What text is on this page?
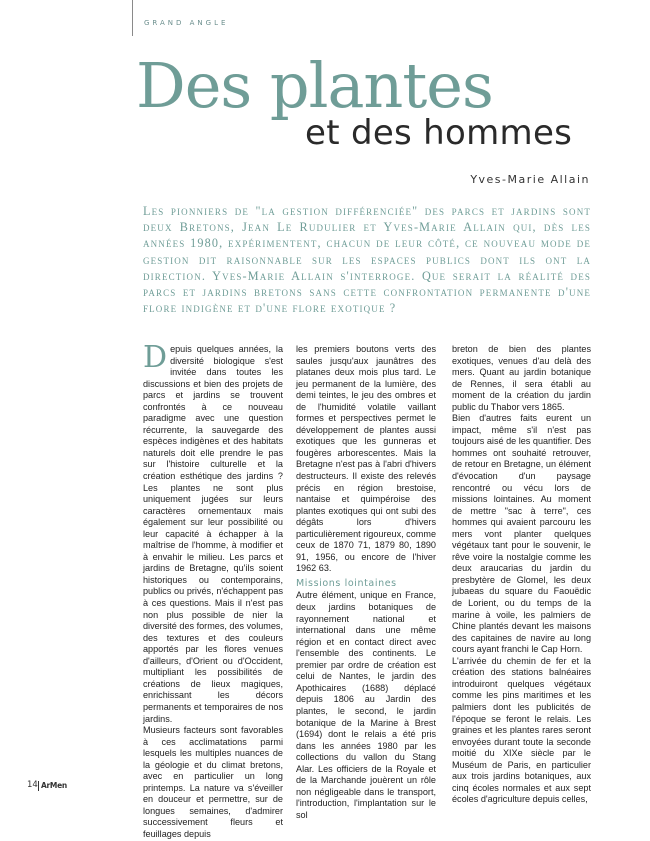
GRAND ANGLE
Des plantes
et des hommes
Yves-Marie Allain

Les pionniers de "la gestion différenciée" des parcs et jardins sont deux Bretons, Jean Le Rudulier et Yves-Marie Allain qui, dès les années 1980, expérimentent, chacun de leur côté, ce nouveau mode de gestion dit raisonnable sur les espaces publics dont ils ont la direction. Yves-Marie Allain s'interroge. Que serait la réalité des parcs et jardins bretons sans cette confrontation permanente d'une flore indigène et d'une flore exotique ?

Depuis quelques années, la diversité biologique s'est invitée dans toutes les discussions et bien des projets de parcs et jardins se trouvent confrontés à ce nouveau paradigme avec une question récurrente, la sauvegarde des espèces indigènes et des habitats naturels doit elle prendre le pas sur l'histoire culturelle et la création esthétique des jardins ? Les plantes ne sont plus uniquement jugées sur leurs caractères ornementaux mais également sur leur possibilité ou leur capacité à échapper à la maîtrise de l'homme, à modifier et à envahir le milieu. Les parcs et jardins de Bretagne, qu'ils soient historiques ou contemporains, publics ou privés, n'échappent pas à ces questions. Mais il n'est pas non plus possible de nier la diversité des formes, des volumes, des textures et des couleurs apportés par les flores venues d'ailleurs, d'Orient ou d'Occident, multipliant les possibilités de créations de lieux magiques, enrichissant les décors permanents et temporaires de nos jardins.

Musieurs facteurs sont favorables à ces acclimatations parmi lesquels les multiples nuances de la géologie et du climat bretons, avec en particulier un long printemps. La nature va s'éveiller en douceur et permettre, sur de longues semaines, d'admirer successivement fleurs et feuillages depuis

les premiers boutons verts des saules jusqu'aux jaunâtres des platanes deux mois plus tard. Le jeu permanent de la lumière, des demi teintes, le jeu des ombres et de l'humidité volatile vaillant formes et perspectives permet le développement de plantes aussi exotiques que les gunneras et fougères arborescentes. Mais la Bretagne n'est pas à l'abri d'hivers destructeurs. Il existe des relevés précis en région brestoise, nantaise et quimpéroise des plantes exotiques qui ont subi des dégâts lors d'hivers particulièrement rigoureux, comme ceux de 1870 71, 1879 80, 1890 91, 1956, ou encore de l'hiver 1962 63.

Missions lointaines

Autre élément, unique en France, deux jardins botaniques de rayonnement national et international dans une même région et en contact direct avec l'ensemble des continents. Le premier par ordre de création est celui de Nantes, le jardin des Apothicaires (1688) déplacé depuis 1806 au Jardin des plantes, le second, le jardin botanique de la Marine à Brest (1694) dont le relais a été pris dans les années 1980 par les collections du vallon du Stang Alar. Les officiers de la Royale et de la Marchande jouèrent un rôle non négligeable dans le transport, l'introduction, l'implantation sur le sol

breton de bien des plantes exotiques, venues d'au delà des mers. Quant au jardin botanique de Rennes, il sera établi au moment de la création du jardin public du Thabor vers 1865.

Bien d'autres faits eurent un impact, même s'il n'est pas toujours aisé de les quantifier. Des hommes ont souhaité retrouver, de retour en Bretagne, un élément d'évocation d'un paysage rencontré ou vécu lors de missions lointaines. Au moment de mettre "sac à terre", ces hommes qui avaient parcouru les mers vont planter quelques végétaux tant pour le souvenir, le rêve voire la nostalgie comme les deux araucarias du jardin du presbytère de Glomel, les deux jubaeas du square du Faouëdic de Lorient, ou du temps de la marine à voile, les palmiers de Chine plantés devant les maisons des capitaines de navire au long cours ayant franchi le Cap Horn.

L'arrivée du chemin de fer et la création des stations balnéaires introduiront quelques végétaux comme les pins maritimes et les palmiers dont les publicités de l'époque se feront le relais. Les graines et les plantes rares seront envoyées durant toute la seconde moitié du XIXe siècle par le Muséum de Paris, en particulier aux trois jardins botaniques, aux cinq écoles normales et aux sept écoles d'agriculture depuis celles,

14 ArMen
